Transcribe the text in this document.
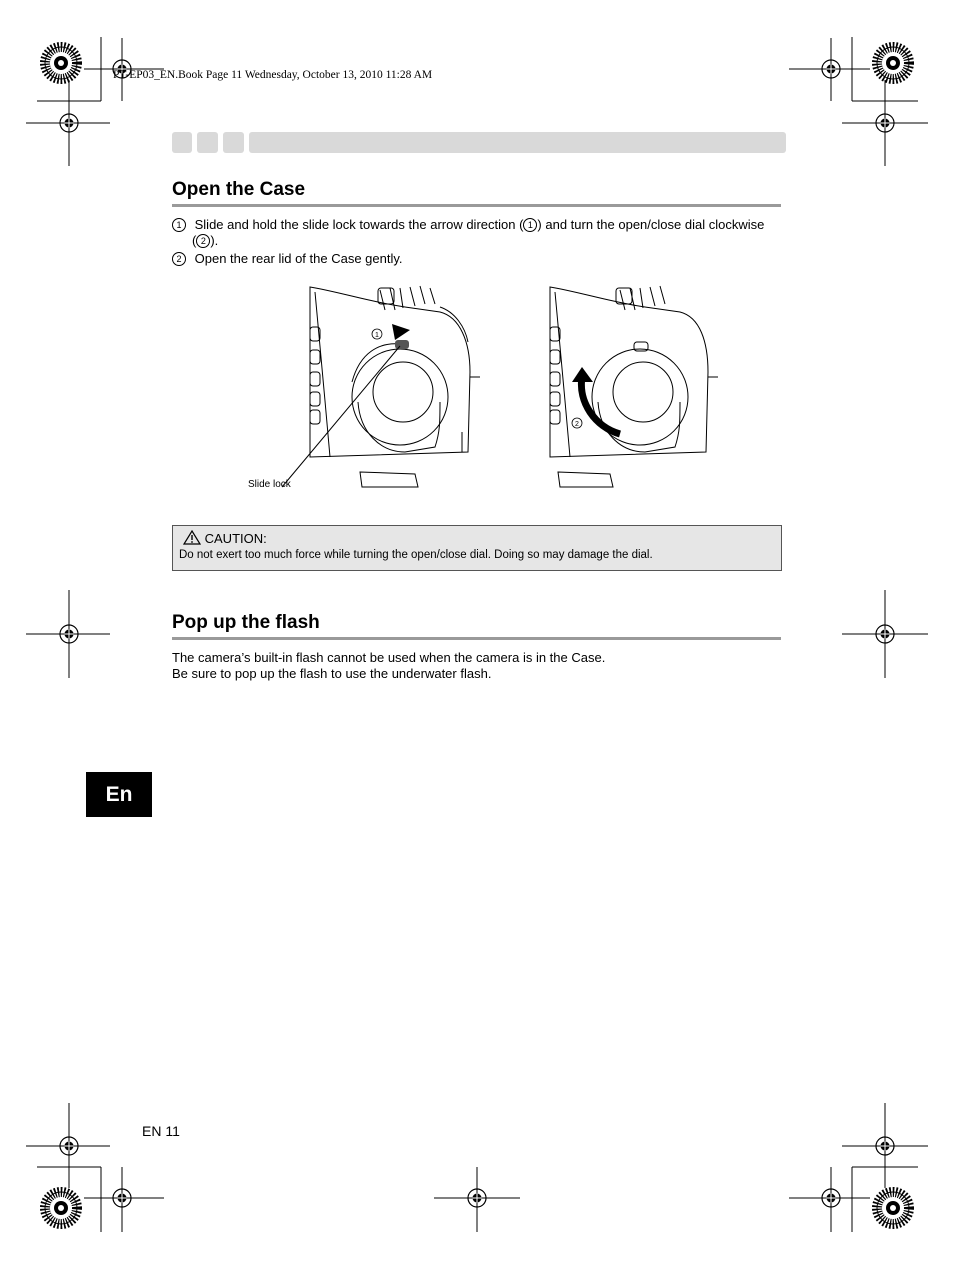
PT-EP03_EN.Book Page 11 Wednesday, October 13, 2010 11:28 AM
Open the Case
1 Slide and hold the slide lock towards the arrow direction ( 1 ) and turn the open/close dial clockwise
( 2 ).
2 Open the rear lid of the Case gently.
1
Slide lock
2
CAUTION:
Do not exert too much force while turning the open/close dial. Doing so may damage the dial.
Pop up the flash
The camera’s built-in flash cannot be used when the camera is in the Case.
Be sure to pop up the flash to use the underwater flash.
En
EN 11
